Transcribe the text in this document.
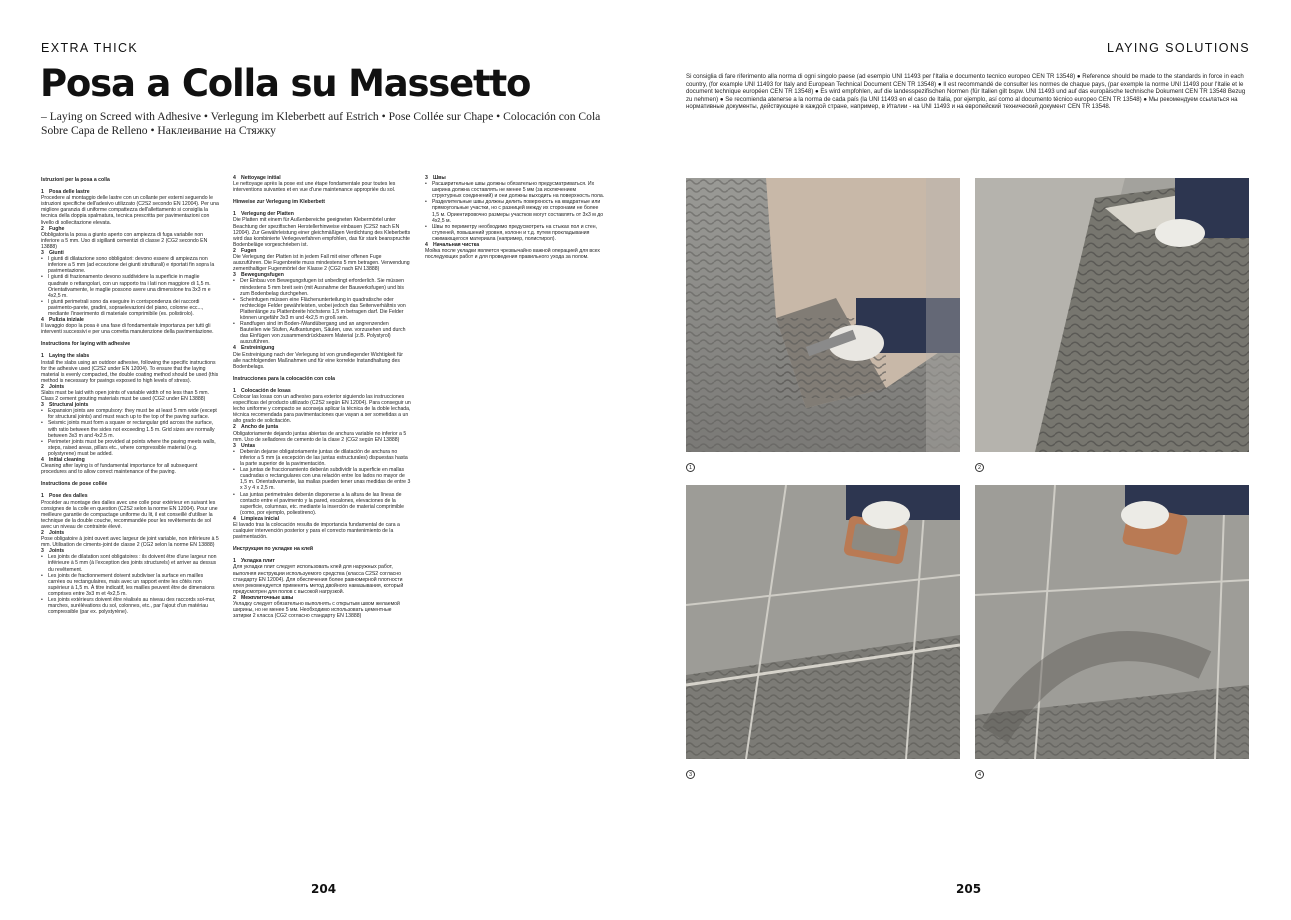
EXTRA THICK
Posa a Colla su Massetto
– Laying on Screed with Adhesive • Verlegung im Kleberbett auf Estrich • Pose Collée sur Chape • Colocación con Cola Sobre Capa de Relleno • Наклеивание на Стяжку
Istruzioni per la posa a colla
1 Posa delle lastre

Procedere al montaggio delle lastre con un collante per esterni seguendo le istruzioni specifiche dell'adesivo utilizzato (C2S2 secondo EN 12004). Per una migliore garanzia di uniforme compattezza dell'allettamento si consiglia la tecnica della doppia spalmatura, tecnica prescritta per pavimentazioni con livello di sollecitazione elevata.

2 Fughe

Obbligatoria la posa a giunto aperto con ampiezza di fuga variabile non inferiore a 5 mm. Uso di sigillanti cementizi di classe 2 (CG2 secondo EN 13888)

3 Giunti
• I giunti di dilatazione sono obbligatori: devono essere di ampiezza non inferiore a 5 mm (ad eccezione dei giunti strutturali) e riportati fin sopra la pavimentazione.
• I giunti di frazionamento devono suddividere la superficie in maglie quadrate o rettangolari, con un rapporto tra i lati non maggiore di 1,5 m. Orientativamente, le maglie possono avere una dimensione tra 3x3 m e 4x2,5 m.
• I giunti perimetrali sono da eseguire in corrispondenza dei raccordi pavimento-parete, gradini, sopraelevazioni del piano, colonne ecc..., mediante l'inserimento di materiale comprimibile (es. polistirolo).
4 Pulizia iniziale

Il lavaggio dopo la posa è una fase di fondamentale importanza per tutti gli interventi successivi e per una corretta manutenzione della pavimentazione.

Instructions for laying with adhesive
1 Laying the slabs

Install the slabs using an outdoor adhesive, following the specific instructions for the adhesive used (C2S2 under EN 12004). To ensure that the laying material is evenly compacted, the double coating method should be used (this method is necessary for pavings exposed to high levels of stress).

2 Joints

Slabs must be laid with open joints of variable width of no less than 5 mm. Class 2 cement grouting materials must be used (CG2 under EN 13888)

3 Structural joints
• Expansion joints are compulsory: they must be at least 5 mm wide (except for structural joints) and must reach up to the top of the paving surface.
• Seismic joints must form a square or rectangular grid across the surface, with ratio between the sides not exceeding 1.5 m. Grid sizes are normally between 3x3 m and 4x2.5 m.
• Perimeter joints must be provided at points where the paving meets walls, steps, raised areas, pillars etc., where compressible material (e.g. polystyrene) must be added.
4 Initial cleaning

Cleaning after laying is of fundamental importance for all subsequent procedures and to allow correct maintenance of the paving.

Instructions de pose collée
1 Pose des dalles

Procéder au montage des dalles avec une colle pour extérieur en suivant les consignes de la colle en question (C2S2 selon la norme EN 12004). Pour une meilleure garantie de compactage uniforme du lit, il est conseillé d'utiliser la technique de la double couche, recommandée pour les revêtements de sol avec un niveau de contrainte élevé.

2 Joints

Pose obligatoire à joint ouvert avec largeur de joint variable, non inférieure à 5 mm. Utilisation de ciments-joint de classe 2 (CG2 selon la norme EN 13888)

3 Joints
• Les joints de dilatation sont obligatoires : ils doivent être d'une largeur non inférieure à 5 mm (à l'exception des joints structurels) et arriver au dessus du revêtement.
• Les joints de fractionnement doivent subdiviser la surface en mailles carrées ou rectangulaires, mais avec un rapport entre les côtés non supérieur à 1,5 m. À titre indicatif, les mailles peuvent être de dimensions comprises entre 3x3 m et 4x2,5 m.
• Les joints extérieurs doivent être réalisés au niveau des raccords sol-mur, marches, surélévations du sol, colonnes, etc., par l'ajout d'un matériau compressible (par ex. polystyrène).
4 Nettoyage initial

Le nettoyage après la pose est une étape fondamentale pour toutes les interventions suivantes et en vue d'une maintenance appropriée du sol.

Hinweise zur Verlegung im Kleberbett
1 Verlegung der Platten

Die Platten mit einem für Außenbereiche geeigneten Klebermörtel unter Beachtung der spezifischen Herstellerhinweise einbauen (C2S2 nach EN 12004). Zur Gewährleistung einer gleichmäßigen Verdichtung des Kleberbetts wird das kombinierte Verlegeverfahren empfohlen, das für stark beanspruchte Bodenbeläge vorgeschrieben ist.

2 Fugen

Die Verlegung der Platten ist in jedem Fall mit einer offenen Fuge auszuführen. Die Fugenbreite muss mindestens 5 mm betragen. Verwendung zementhaltiger Fugenmörtel der Klasse 2 (CG2 nach EN 13888)

3 Bewegungsfugen
• Der Einbau von Bewegungsfugen ist unbedingt erforderlich. Sie müssen mindestens 5 mm breit sein (mit Ausnahme der Bauwerksfugen) und bis zum Bodenbelag durchgehen.
• Scheinfugen müssen eine Flächenunterteilung in quadratische oder rechteckige Felder gewährleisten, wobei jedoch das Seitenverhältnis von Plattenlänge zu Plattenbreite höchstens 1,5 m betragen darf. Die Felder können ungefähr 3x3 m und 4x2,5 m groß sein.
• Randfugen sind im Boden-/Wandübergang und an angrenzenden Bauteilen wie Stufen, Aufkantungen, Säulen, usw. vorzusehen und durch das Einfügen von zusammendrückbarem Material (z.B. Polystyrol) auszuführen.
4 Erstreinigung

Die Erstreinigung nach der Verlegung ist von grundlegender Wichtigkeit für alle nachfolgenden Maßnahmen und für eine korrekte Instandhaltung des Bodenbelags.

Instrucciones para la colocación con cola
1 Colocación de losas

Colocar las losas con un adhesivo para exterior siguiendo las instrucciones específicas del producto utilizado (C2S2 según EN 12004). Para conseguir un lecho uniforme y compacto se aconseja aplicar la técnica de la doble lechada, técnica recomendada para pavimentaciones que vayan a ser sometidas a un alto grado de solicitación.

2 Ancho de junta

Obligatoriamente dejando juntas abiertas de anchura variable no inferior a 5 mm. Uso de selladores de cemento de la clase 2 (CG2 según EN 13888)

3 Untas
• Deberán dejarse obligatoriamente juntas de dilatación de anchura no inferior a 5 mm (a excepción de las juntas estructurales) dispuestas hasta la parte superior de la pavimentación.
• Las juntas de fraccionamiento deberán subdividir la superficie en mallas cuadradas o rectangulares con una relación entre los lados no mayor de 1,5 m. Orientativamente, las mallas pueden tener unas medidas de entre 3 x 3 y 4 x 2,5 m.
• Las juntas perimetrales deberán disponerse a la altura de las líneas de contacto entre el pavimento y la pared, escalones, elevaciones de la superficie, columnas, etc. mediante la inserción de material comprimible (como, por ejemplo, poliestireno).
4 Limpieza inicial

El lavado tras la colocación resulta de importancia fundamental de cara a cualquier intervención posterior y para el correcto mantenimiento de la pavimentación.

Инструкция по укладке на клей
1 Укладка плит

Для укладки плит следует использовать клей для наружных работ, выполняя инструкции используемого средства (класса C2S2 согласно стандарту EN 12004). Для обеспечения более равномерной плотности клея рекомендуется применять метод двойного намазывания, который предусмотрен для полов с высокой нагрузкой.

2 Межплиточные швы

Укладку следует обязательно выполнять с открытым швом желаемой ширины, но не менее 5 мм. Необходимо использовать цементные затирки 2 класса (CG2 согласно стандарту EN 13888)

3 Швы
• Расширительные швы должны обязательно предусматриваться. Их ширина должна составлять не менее 5 мм (за исключением структурных соединений) и они должны выходить на поверхность пола.
• Разделительные швы должны делить поверхность на квадратные или прямоугольные участки, но с разницей между их сторонами не более 1,5 м. Ориентировочно размеры участков могут составлять от 3x3 м до 4x2,5 м.
• Швы по периметру необходимо предусмотреть на стыках пол и стен, ступеней, повышений уровня, колонн и т.д. путем прокладывания сжимающегося материала (например, полистирол).
4 Начальная чистка

Мойка после укладки является чрезвычайно важной операцией для всех последующих работ и для проведения правильного ухода за полом.

204
LAYING SOLUTIONS
Si consiglia di fare riferimento alla norma di ogni singolo paese (ad esempio UNI 11493 per l'Italia e documento tecnico europeo CEN TR 13548) ● Reference should be made to the standards in force in each country, (for example UNI 11493 for Italy and European Technical Document CEN TR 13548) ● Il est recommandé de consulter les normes de chaque pays, (par exemple la norme UNI 11493 pour l'Italie et le document technique européen CEN TR 13548) ● Es wird empfohlen, auf die landesspezifischen Normen (für Italien gilt bspw. UNI 11493 und auf das europäische technische Dokument CEN TR 13548 Bezug zu nehmen) ● Se recomienda atenerse a la norma de cada país (la UNI 11493 en el caso de Italia, por ejemplo, así como al documento técnico europeo CEN TR 13548) ● Мы рекомендуем ссылаться на нормативные документы, действующие в каждой стране, например, в Италии - на UNI 11493 и на европейский технический документ CEN TR 13548.
1	2
3	4
205
